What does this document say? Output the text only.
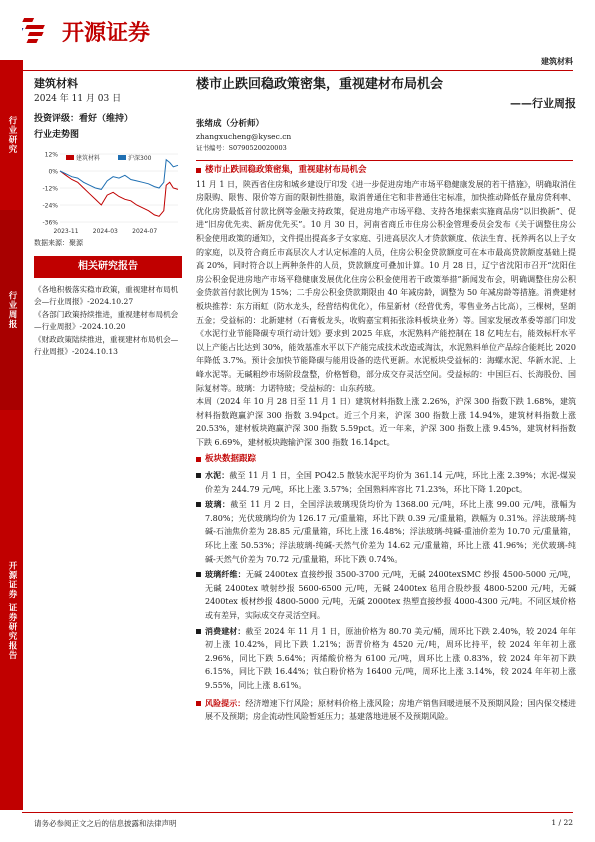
开源证券
建筑材料
行业研究
行业周报
开源证券 证券研究报告
建筑材料
2024 年 11 月 03 日
投资评级：看好（维持）
行业走势图
12%
0%
-12%
-24%
-36%
2023-11 2024-03 2024-07
建筑材料	沪深300
数据来源：聚源
相关研究报告

《各地积极落实稳市政策，重视建材布局机会—行业周报》-2024.10.27

《各部门政策持续推进，重视建材布局机会—行业周报》-2024.10.20

《财政政策陆续推进，重视建材布局机会—行业周报》-2024.10.13

楼市止跌回稳政策密集，重视建材布局机会
——行业周报
张绪成（分析师）
zhangxucheng@kysec.cn
证书编号：S0790520020003
楼市止跌回稳政策密集，重视建材布局机会

11 月 1 日，陕西省住房和城乡建设厅印发《进一步促进房地产市场平稳健康发展的若干措施》，明确取消住房限购、限售、限价等方面的限制性措施，取消普通住宅和非普通住宅标准，加快推动降低存量房贷利率、优化房贷最低首付款比例等金融支持政策，促进房地产市场平稳、支持各地探索实施商品房“以旧换新”、促进“旧房优先卖、新房优先买”。10 月 30 日，河南省商丘市住房公积金管理委员会发布《关于调整住房公积金使用政策的通知》，文件提出提高多子女家庭、引进高层次人才贷款额度、依法生育、抚养两名以上子女的家庭，以及符合商丘市高层次人才认定标准的人员，住房公积金贷款额度可在本市最高贷款额度基础上提高 20%，同时符合以上两种条件的人员，贷款额度可叠加计算。10 月 28 日，辽宁省沈阳市召开“沈阳住房公积金促进房地产市场平稳健康发展优化住房公积金使用若干政策举措”新闻发布会，明确调整住房公积金贷款首付款比例为 15%；二手房公积金贷款期限由 40 年减房龄，调整为 50 年减房龄等措施。消费建材板块推荐：东方雨虹（防水龙头，经营结构优化），伟星新材（经营优秀，零售业务占比高），三棵树，坚朗五金；受益标的：北新建材（石膏板龙头，收购嘉宝莉拓张涂料板块业务）等。国家发展改革委等部门印发《水泥行业节能降碳专项行动计划》要求到 2025 年底，水泥熟料产能控制在 18 亿吨左右，能效标杆水平以上产能占比达到 30%，能效基准水平以下产能完成技术改造或淘汰，水泥熟料单位产品综合能耗比 2020 年降低 3.7%。预计会加快节能降碳与能用设备的迭代更新。水泥板块受益标的：海螺水泥、华新水泥、上峰水泥等。无碱粗纱市场阶段盘整，价格暂稳，部分成交存灵活空间。受益标的：中国巨石、长海股份、国际复材等。玻璃：力诺特玻；受益标的：山东药玻。

本周（2024 年 10 月 28 日至 11 月 1 日）建筑材料指数上涨 2.26%，沪深 300 指数下跌 1.68%，建筑材料指数跑赢沪深 300 指数 3.94pct。近三个月来，沪深 300 指数上涨 14.94%，建筑材料指数上涨 20.53%，建材板块跑赢沪深 300 指数 5.59pct。近一年来，沪深 300 指数上涨 9.45%，建筑材料指数下跌 6.69%，建材板块跑输沪深 300 指数 16.14pct。

板块数据跟踪

水泥：截至 11 月 1 日，全国 PO42.5 散装水泥平均价为 361.14 元/吨，环比上涨 2.39%；水泥-煤炭价差为 244.79 元/吨，环比上涨 3.57%；全国熟料库容比 71.23%，环比下降 1.20pct。

玻璃：截至 11 月 2 日，全国浮法玻璃现货均价为 1368.00 元/吨，环比上涨 99.00 元/吨，涨幅为 7.80%；光伏玻璃均价为 126.17 元/重量箱，环比下跌 0.39 元/重量箱，跌幅为 0.31%。浮法玻璃-纯碱-石油焦价差为 28.85 元/重量箱，环比上涨 16.48%；浮法玻璃-纯碱-重油价差为 10.70 元/重量箱，环比上涨 50.53%；浮法玻璃-纯碱-天然气价差为 14.62 元/重量箱，环比上涨 41.96%；光伏玻璃-纯碱-天然气价差为 70.72 元/重量箱，环比下跌 0.74%。

玻璃纤维：无碱 2400tex 直接纱报 3500-3700 元/吨，无碱 2400texSMC 纱报 4500-5000 元/吨，无碱 2400tex 喷射纱报 5600-6500 元/吨，无碱 2400tex 毡用合股纱报 4800-5200 元/吨，无碱 2400tex 板材纱报 4800-5000 元/吨，无碱 2000tex 热塑直接纱报 4000-4300 元/吨。不同区域价格或有差异，实际成交存灵活空间。

消费建材：截至 2024 年 11 月 1 日，原油价格为 80.70 美元/桶，周环比下跌 2.40%，较 2024 年年初上涨 10.42%，同比下跌 1.21%；沥青价格为 4520 元/吨，周环比持平，较 2024 年年初上涨 2.96%，同比下跌 5.64%；丙烯酸价格为 6100 元/吨，周环比上涨 0.83%，较 2024 年年初下跌 6.15%，同比下跌 16.44%；钛白粉价格为 16400 元/吨，周环比上涨 3.14%，较 2024 年年初上涨 9.55%，同比上涨 8.61%。

风险提示：经济增速下行风险；原材料价格上涨风险；房地产销售回暖进展不及预期风险；国内保交楼进展不及预期；房企流动性风险暂延压力；基建落地进展不及预期风险。

请务必参阅正文之后的信息披露和法律声明	1 / 22
